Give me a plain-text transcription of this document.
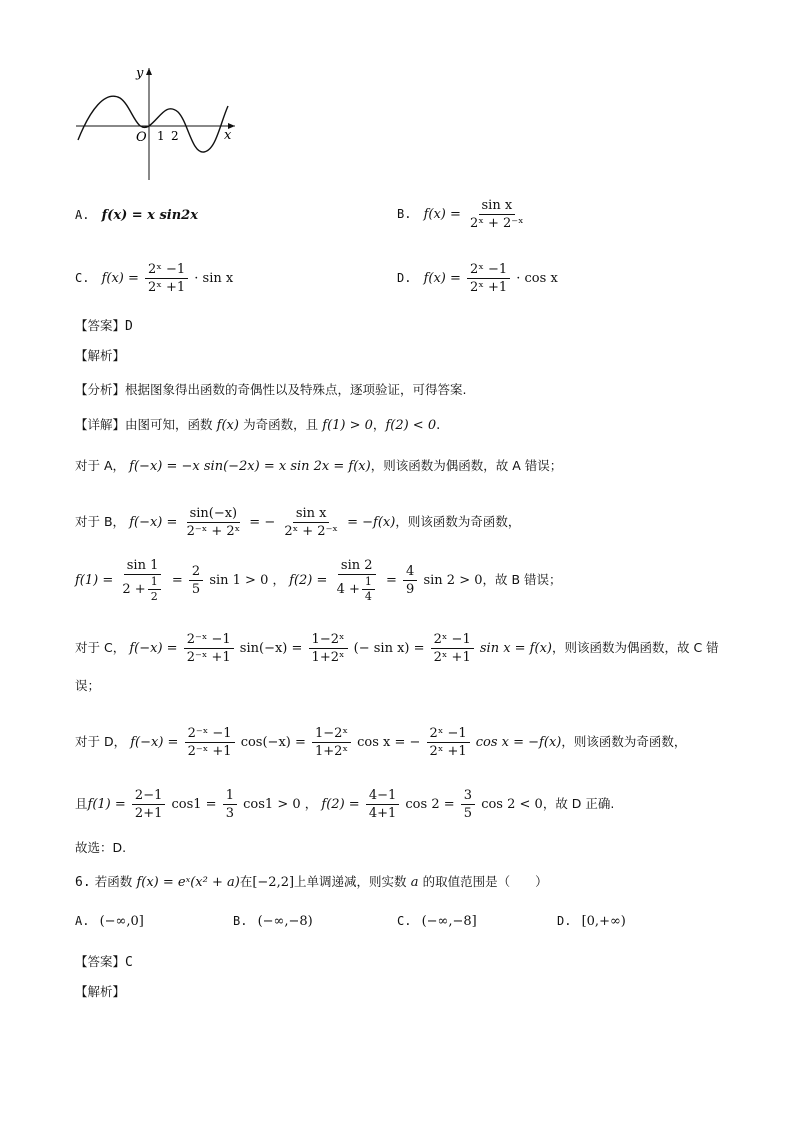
y
x
O 1 2
A. f(x) = x sin2x	B. $f(x) = \frac{\text{sin x}}{\text{2ˣ + 2⁻ˣ}}$
C. $f(x) = \frac{\text{2ˣ −1}}{\text{2ˣ +1}} \cdot \sin x$	D. $f(x) = \frac{\text{2ˣ −1}}{\text{2ˣ +1}} \cdot \cos x$
【答案】D
【解析】
【分析】根据图象得出函数的奇偶性以及特殊点，逐项验证，可得答案.
【详解】由图可知，函数 f(x) 为奇函数，且 f(1) > 0，f(2) < 0.
对于 A， f(−x) = −x sin(−2x) = x sin 2x = f(x)，则该函数为偶函数，故 A 错误；
对于 B， $f(-x) = \frac{\sin(-x)}{\text{2⁻ˣ + 2ˣ}}$ = − $\frac{\text{sin x}}{\text{2ˣ + 2⁻ˣ}} = -f(x)$，则该函数为奇函数，
$f(1) = \frac{\sin 1}{2 + \frac{1}{2}} = \frac{2}{5}$ sin 1 > 0 ， $f(2) = \frac{\sin 2}{4 + \frac{1}{4}} = \frac{4}{9}$ sin 2 > 0，故 B 错误；
对于 C， $f(-x) = \frac{\text{2⁻ˣ −1}}{\text{2⁻ˣ +1}} \sin(-x) = \frac{\text{1−2ˣ}}{\text{1+2ˣ}}$ (− $\sin x) = \frac{\text{2ˣ −1}}{\text{2ˣ +1}}$ sin x = f(x)，则该函数为偶函数，故 C 错
误；
对于 D， $f(-x) = \frac{\text{2⁻ˣ −1}}{\text{2⁻ˣ +1}} \cos(-x) = \frac{\text{1−2ˣ}}{\text{1+2ˣ}}$ cos x = − $\frac{\text{2ˣ −1}}{\text{2ˣ +1}}$ cos x = −f(x)，则该函数为奇函数，
且$f(1) = \frac{2-1}{2+1} \cos 1 = \frac{1}{3} \cos 1 > 0$ ， $f(2) = \frac{4-1}{4+1}$ $\cos 2 = \frac{3}{5}$ cos 2 < 0，故 D 正确.
故选：D.
6. 若函数 f(x) = eˣ(x² + a)在[−2,2]上单调递减，则实数 a 的取值范围是（　　）
A. (−∞,0]	B. (−∞,−8)	C. (−∞,−8]	D. [0,+∞)
【答案】C
【解析】
